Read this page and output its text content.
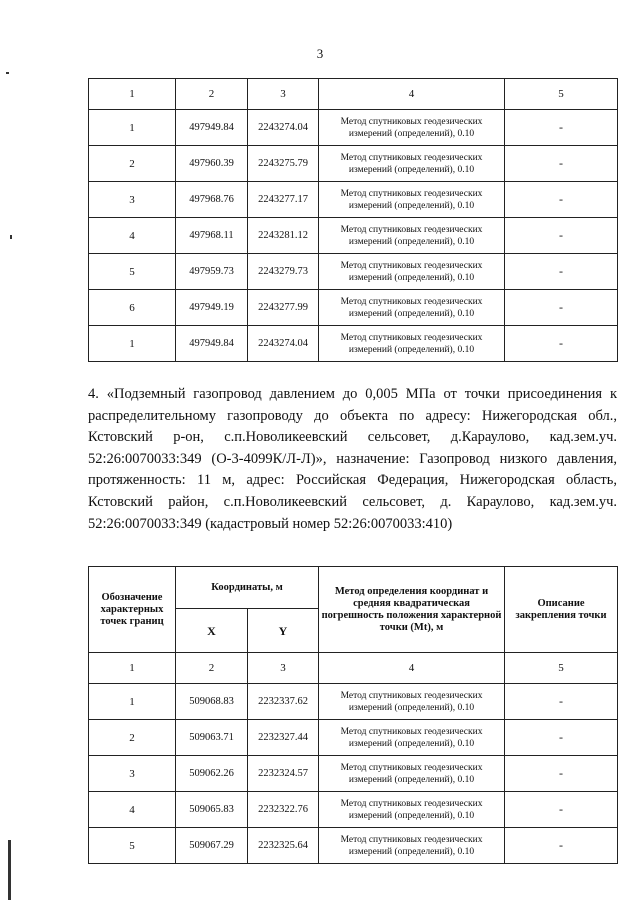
3
1	2	3	4	5
1	497949.84	2243274.04	Метод спутниковых геодезических измерений (определений), 0.10	-
2	497960.39	2243275.79	Метод спутниковых геодезических измерений (определений), 0.10	-
3	497968.76	2243277.17	Метод спутниковых геодезических измерений (определений), 0.10	-
4	497968.11	2243281.12	Метод спутниковых геодезических измерений (определений), 0.10	-
5	497959.73	2243279.73	Метод спутниковых геодезических измерений (определений), 0.10	-
6	497949.19	2243277.99	Метод спутниковых геодезических измерений (определений), 0.10	-
1	497949.84	2243274.04	Метод спутниковых геодезических измерений (определений), 0.10	-
4. «Подземный газопровод давлением до 0,005 МПа от точки присоединения к распределительному газопроводу до объекта по адресу: Нижегородская обл., Кстовский р-он, с.п.Новоликеевский сельсовет, д.Караулово, кад.зем.уч. 52:26:0070033:349 (О-3-4099К/Л-Л)», назначение: Газопровод низкого давления, протяженность: 11 м, адрес: Российская Федерация, Нижегородская область, Кстовский район, с.п.Новоликеевский сельсовет, д. Караулово, кад.зем.уч. 52:26:0070033:349 (кадастровый номер 52:26:0070033:410)
Обозначение характерных точек границ	Координаты, м		Метод определения координат и средняя квадратическая погрешность положения характерной точки (Mt), м	Описание закрепления точки
	X	Y		
1	2	3	4	5
1	509068.83	2232337.62	Метод спутниковых геодезических измерений (определений), 0.10	-
2	509063.71	2232327.44	Метод спутниковых геодезических измерений (определений), 0.10	-
3	509062.26	2232324.57	Метод спутниковых геодезических измерений (определений), 0.10	-
4	509065.83	2232322.76	Метод спутниковых геодезических измерений (определений), 0.10	-
5	509067.29	2232325.64	Метод спутниковых геодезических измерений (определений), 0.10	-
